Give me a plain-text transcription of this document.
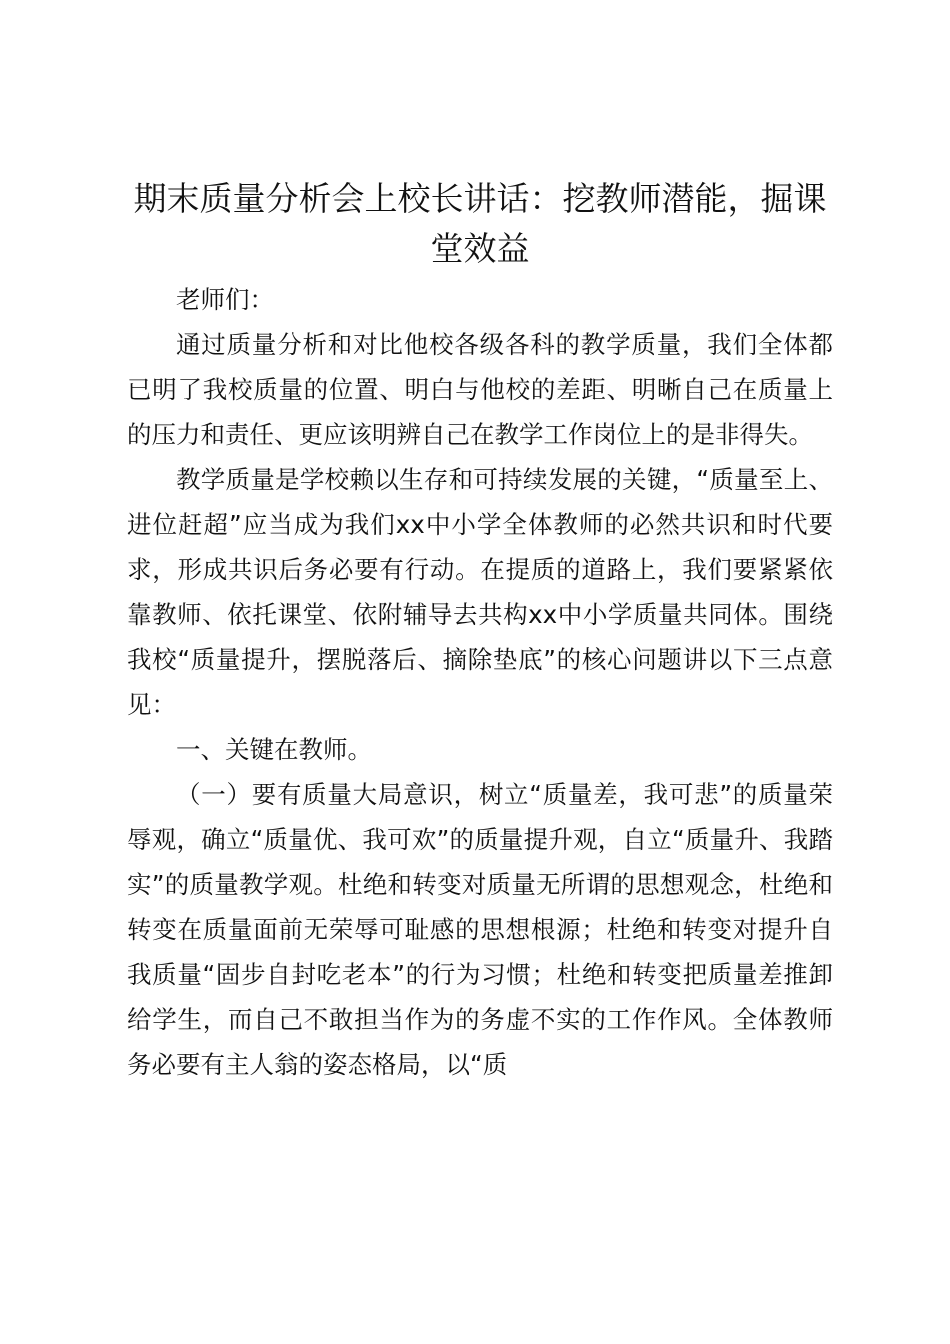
期末质量分析会上校长讲话：挖教师潜能，掘课堂效益

老师们：

通过质量分析和对比他校各级各科的教学质量，我们全体都已明了我校质量的位置、明白与他校的差距、明晰自己在质量上的压力和责任、更应该明辨自己在教学工作岗位上的是非得失。

教学质量是学校赖以生存和可持续发展的关键，“质量至上、进位赶超”应当成为我们xx中小学全体教师的必然共识和时代要求，形成共识后务必要有行动。在提质的道路上，我们要紧紧依靠教师、依托课堂、依附辅导去共构xx中小学质量共同体。围绕我校“质量提升，摆脱落后、摘除垫底”的核心问题讲以下三点意见：

一、关键在教师。

（一）要有质量大局意识，树立“质量差，我可悲”的质量荣辱观，确立“质量优、我可欢”的质量提升观，自立“质量升、我踏实”的质量教学观。杜绝和转变对质量无所谓的思想观念，杜绝和转变在质量面前无荣辱可耻感的思想根源；杜绝和转变对提升自我质量“固步自封吃老本”的行为习惯；杜绝和转变把质量差推卸给学生，而自己不敢担当作为的务虚不实的工作作风。全体教师务必要有主人翁的姿态格局，以“质
